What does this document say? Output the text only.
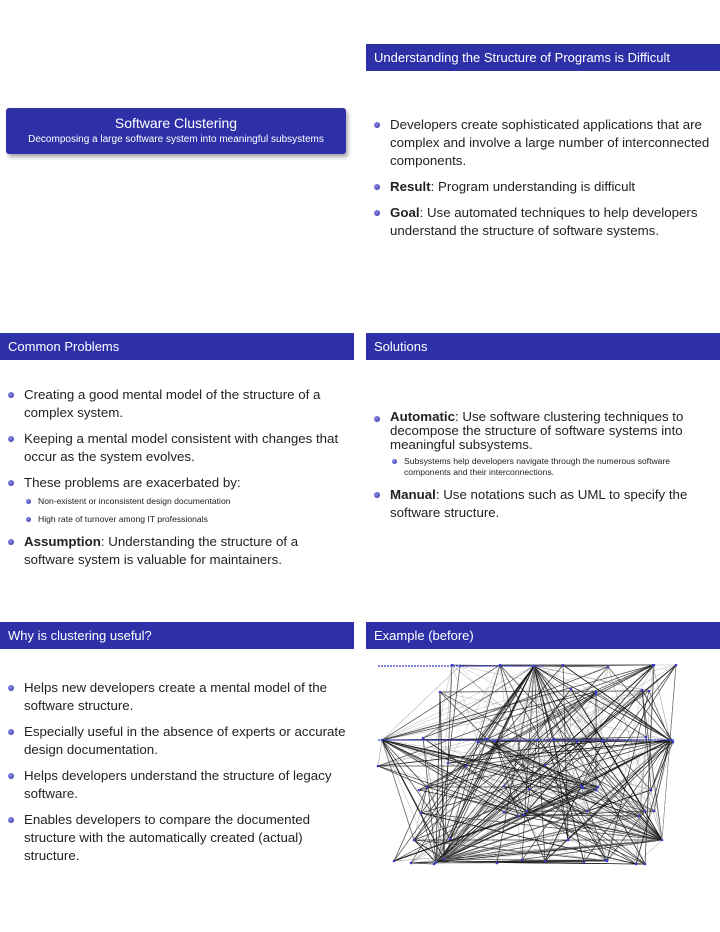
Software Clustering
Decomposing a large software system into meaningful subsystems
Understanding the Structure of Programs is Difficult
Developers create sophisticated applications that are complex and involve a large number of interconnected components.
Result: Program understanding is difficult
Goal: Use automated techniques to help developers understand the structure of software systems.
Common Problems
Creating a good mental model of the structure of a complex system.
Keeping a mental model consistent with changes that occur as the system evolves.
These problems are exacerbated by:
Non-existent or inconsistent design documentation
High rate of turnover among IT professionals
Assumption: Understanding the structure of a software system is valuable for maintainers.
Solutions
Automatic: Use software clustering techniques to decompose the structure of software systems into meaningful subsystems.
Subsystems help developers navigate through the numerous software components and their interconnections.
Manual: Use notations such as UML to specify the software structure.
Why is clustering useful?
Helps new developers create a mental model of the software structure.
Especially useful in the absence of experts or accurate design documentation.
Helps developers understand the structure of legacy software.
Enables developers to compare the documented structure with the automatically created (actual) structure.
Example (before)
